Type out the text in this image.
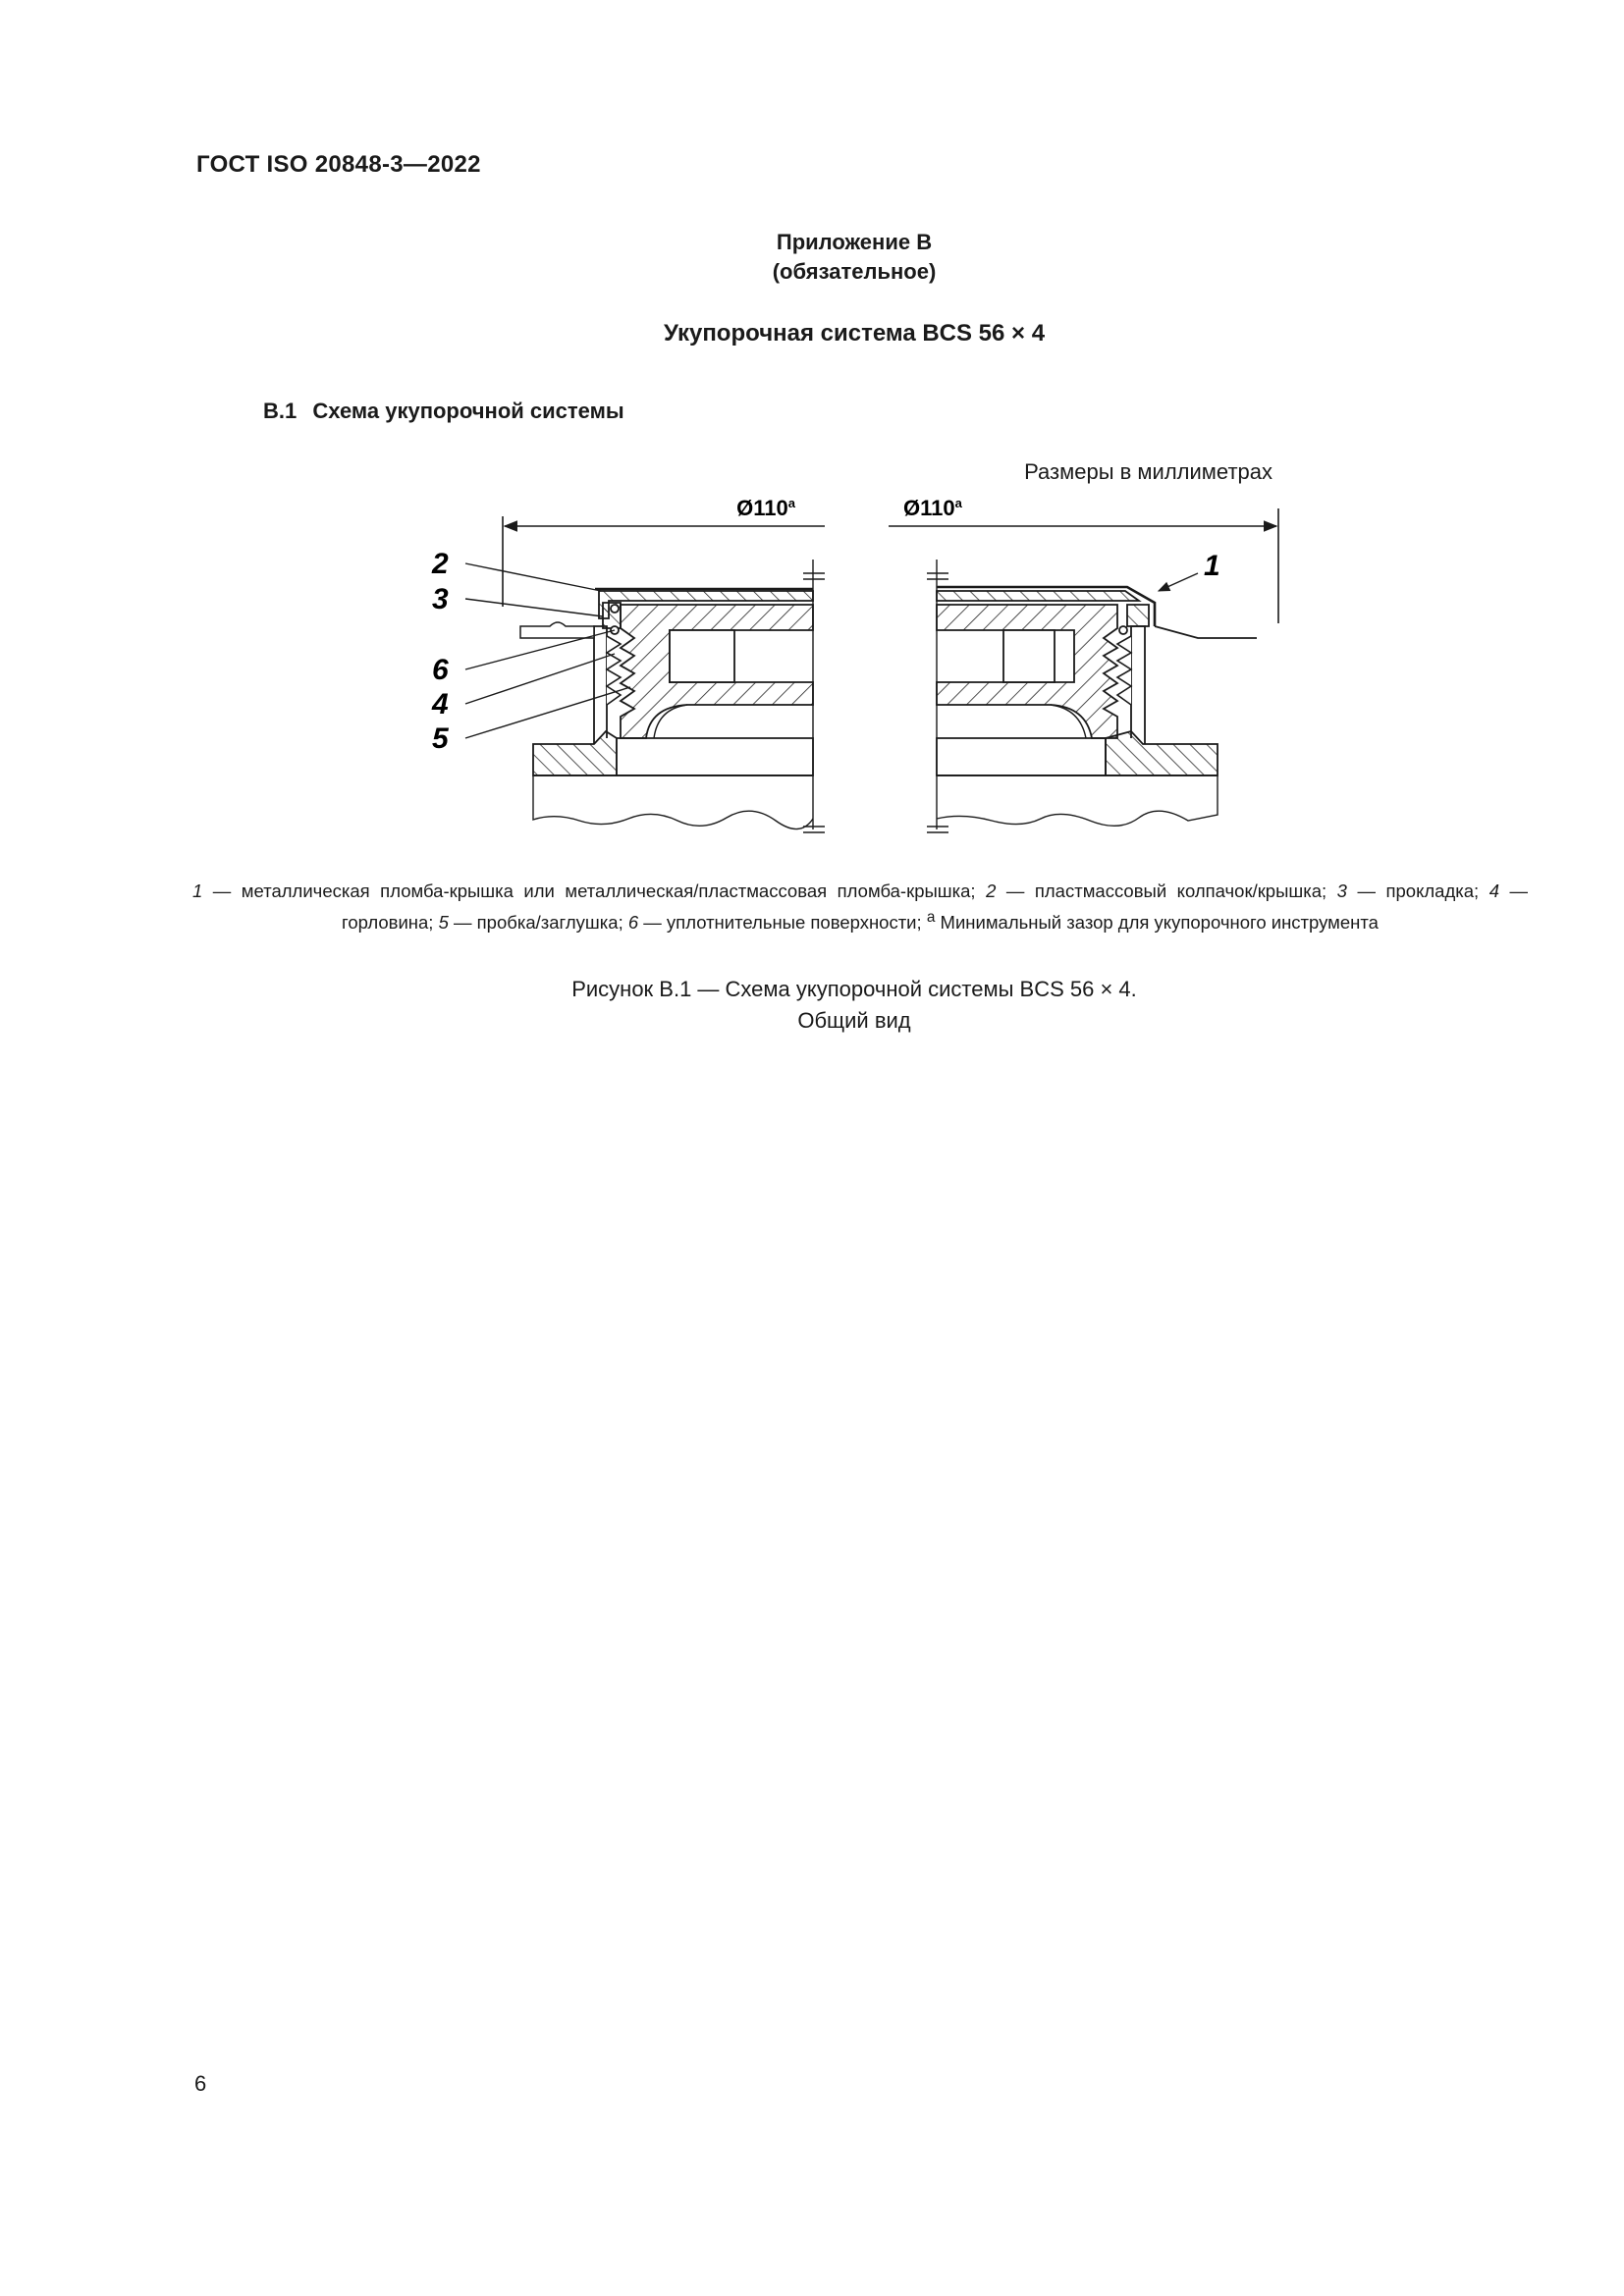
ГОСТ ISO 20848-3—2022
Приложение В
(обязательное)
Укупорочная система BCS 56 × 4
В.1 Схема укупорочной системы
Размеры в миллиметрах
Ø110$^a$	Ø110$^a$
2
3
6
4
5
1
1 — металлическая пломба-крышка или металлическая/пластмассовая пломба-крышка; 2 — пластмассовый колпачок/крышка; 3 — прокладка; 4 — горловина; 5 — пробка/заглушка; 6 — уплотнительные поверхности; $^a$ Минимальный зазор для укупорочного инструмента
Рисунок В.1 — Схема укупорочной системы BCS 56 × 4.
Общий вид
6
